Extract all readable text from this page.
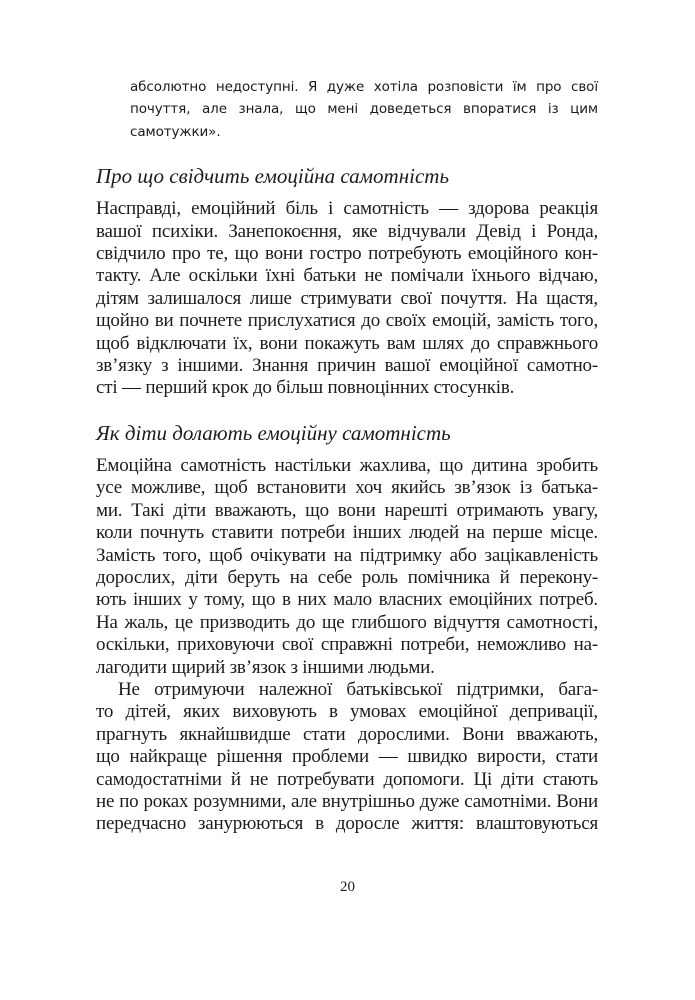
абсолютно недоступні. Я дуже хотіла розповісти їм про свої
почуття, але знала, що мені доведеться впоратися із цим
самотужки».
Про що свідчить емоційна самотність
Насправді, емоційний біль і самотність — здорова реакція
вашої психіки. Занепокоєння, яке відчували Девід і Ронда,
свідчило про те, що вони гостро потребують емоційного кон-
такту. Але оскільки їхні батьки не помічали їхнього відчаю,
дітям залишалося лише стримувати свої почуття. На щастя,
щойно ви почнете прислухатися до своїх емоцій, замість того,
щоб відключати їх, вони покажуть вам шлях до справжнього
зв’язку з іншими. Знання причин вашої емоційної самотно-
сті — перший крок до більш повноцінних стосунків.
Як діти долають емоційну самотність
Емоційна самотність настільки жахлива, що дитина зробить
усе можливе, щоб встановити хоч якийсь зв’язок із батька-
ми. Такі діти вважають, що вони нарешті отримають увагу,
коли почнуть ставити потреби інших людей на перше місце.
Замість того, щоб очікувати на підтримку або зацікавленість
дорослих, діти беруть на себе роль помічника й перекону-
ють інших у тому, що в них мало власних емоційних потреб.
На жаль, це призводить до ще глибшого відчуття самотності,
оскільки, приховуючи свої справжні потреби, неможливо на-
лагодити щирий зв’язок з іншими людьми.
Не отримуючи належної батьківської підтримки, бага-
то дітей, яких виховують в умовах емоційної депривації,
прагнуть якнайшвидше стати дорослими. Вони вважають,
що найкраще рішення проблеми — швидко вирости, стати
самодостатніми й не потребувати допомоги. Ці діти стають
не по роках розумними, але внутрішньо дуже самотніми. Вони
передчасно занурюються в доросле життя: влаштовуються
20
